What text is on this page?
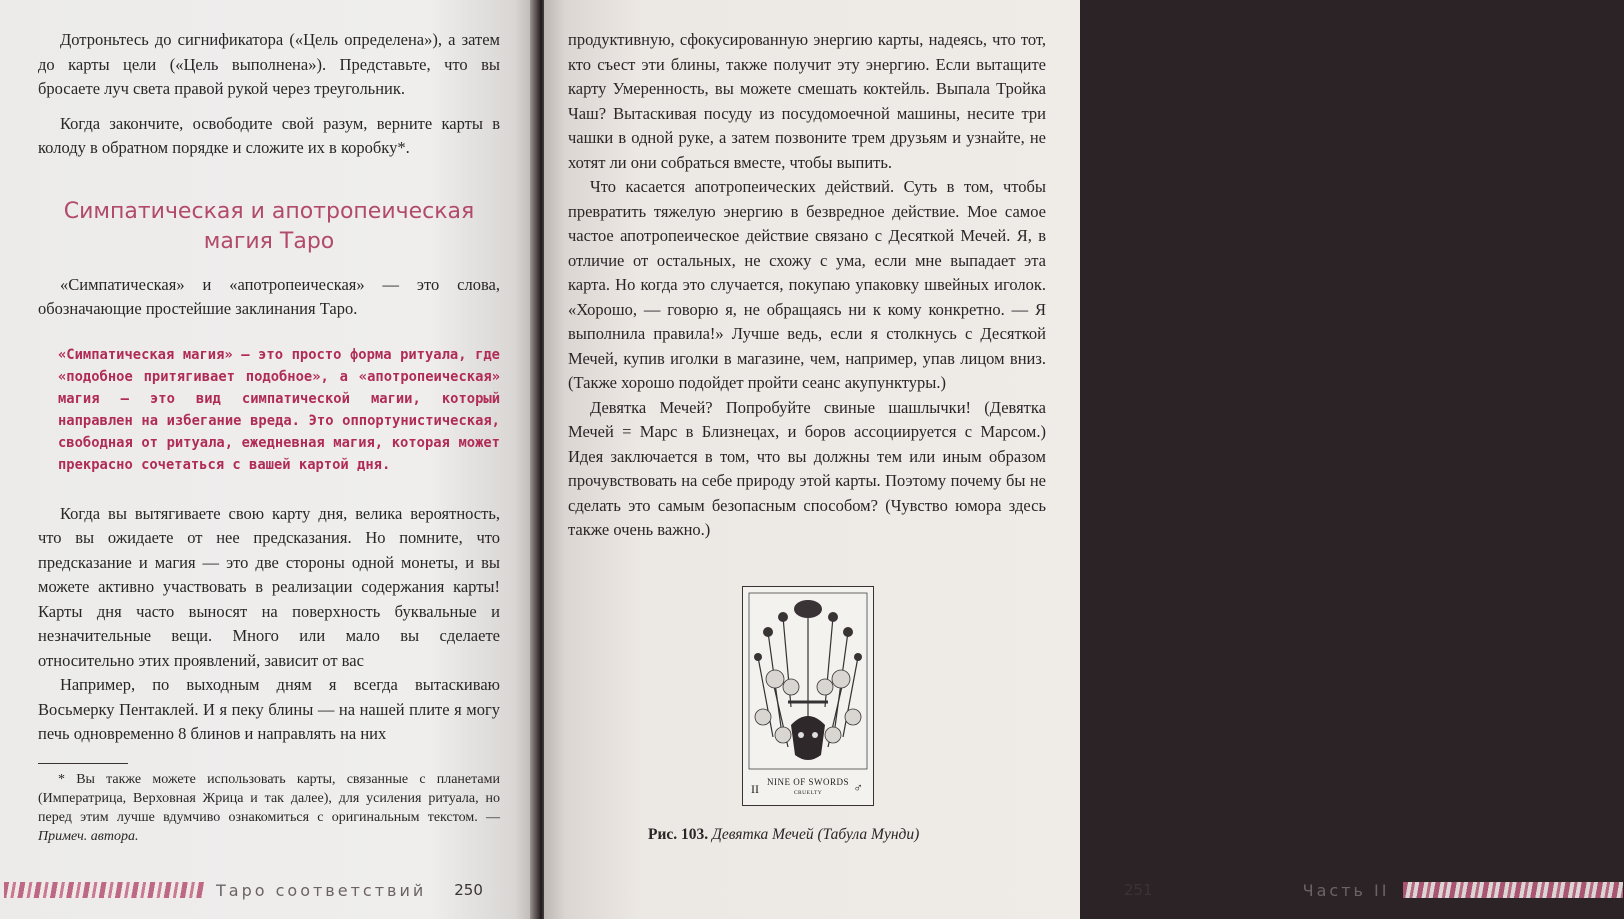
Дотроньтесь до сигнификатора («Цель определена»), а затем до карты цели («Цель выполнена»). Представьте, что вы бросаете луч света правой рукой через треугольник.

Когда закончите, освободите свой разум, верните карты в колоду в обратном порядке и сложите их в коробку*.

Симпатическая и апотропеическая
магия Таро

«Симпатическая» и «апотропеическая» — это слова, обозначающие простейшие заклинания Таро.

«Симпатическая магия» — это просто форма ритуала, где «подобное притягивает подобное», а «апотропеическая» магия — это вид симпатической магии, который направлен на избегание вреда. Это оппортунистическая, свободная от ритуала, ежедневная магия, которая может прекрасно сочетаться с вашей картой дня.

Когда вы вытягиваете свою карту дня, велика вероятность, что вы ожидаете от нее предсказания. Но помните, что предсказание и магия — это две стороны одной монеты, и вы можете активно участвовать в реализации содержания карты! Карты дня часто выносят на поверхность буквальные и незначительные вещи. Много или мало вы сделаете относительно этих проявлений, зависит от вас

Например, по выходным дням я всегда вытаскиваю Восьмерку Пентаклей. И я пеку блины — на нашей плите я могу печь одновременно 8 блинов и направлять на них

* Вы также можете использовать карты, связанные с планетами (Императрица, Верховная Жрица и так далее), для усиления ритуала, но перед этим лучше вдумчиво ознакомиться с оригинальным текстом. — Примеч. автора.

Таро соответствий 250

продуктивную, сфокусированную энергию карты, надеясь, что тот, кто съест эти блины, также получит эту энергию. Если вытащите карту Умеренность, вы можете смешать коктейль. Выпала Тройка Чаш? Вытаскивая посуду из посудомоечной машины, несите три чашки в одной руке, а затем позвоните трем друзьям и узнайте, не хотят ли они собраться вместе, чтобы выпить.

Что касается апотропеических действий. Суть в том, чтобы превратить тяжелую энергию в безвредное действие. Мое самое частое апотропеическое действие связано с Десяткой Мечей. Я, в отличие от остальных, не схожу с ума, если мне выпадает эта карта. Но когда это случается, покупаю упаковку швейных иголок. «Хорошо, — говорю я, не обращаясь ни к кому конкретно. — Я выполнила правила!» Лучше ведь, если я столкнусь с Десяткой Мечей, купив иголки в магазине, чем, например, упав лицом вниз. (Также хорошо подойдет пройти сеанс акупунктуры.)

Девятка Мечей? Попробуйте свиные шашлычки! (Девятка Мечей = Марс в Близнецах, и боров ассоциируется с Марсом.) Идея заключается в том, что вы должны тем или иным образом прочувствовать на себе природу этой карты. Поэтому почему бы не сделать это самым безопасным способом? (Чувство юмора здесь также очень важно.)

NINE OF SWORDS
CRUELTY
II	♂
Рис. 103. Девятка Мечей (Табула Мунди)
251	Часть II
